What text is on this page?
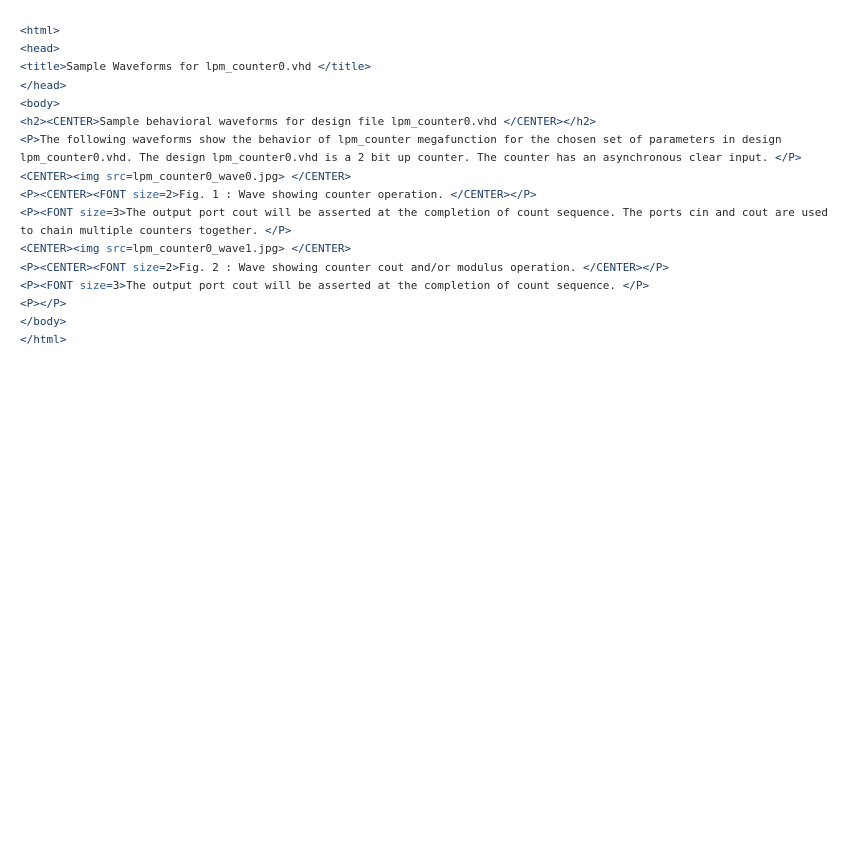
<html>
<head>
<title>Sample Waveforms for lpm_counter0.vhd </title>
</head>
<body>
<h2><CENTER>Sample behavioral waveforms for design file lpm_counter0.vhd </CENTER></h2>
<P>The following waveforms show the behavior of lpm_counter megafunction for the chosen set of parameters in design lpm_counter0.vhd. The design lpm_counter0.vhd is a 2 bit up counter. The counter has an asynchronous clear input. </P>
<CENTER><img src=lpm_counter0_wave0.jpg> </CENTER>
<P><CENTER><FONT size=2>Fig. 1 : Wave showing counter operation. </CENTER></P>
<P><FONT size=3>The output port cout will be asserted at the completion of count sequence. The ports cin and cout are used to chain multiple counters together. </P>
<CENTER><img src=lpm_counter0_wave1.jpg> </CENTER>
<P><CENTER><FONT size=2>Fig. 2 : Wave showing counter cout and/or modulus operation. </CENTER></P>
<P><FONT size=3>The output port cout will be asserted at the completion of count sequence. </P>
<P></P>
</body>
</html>
